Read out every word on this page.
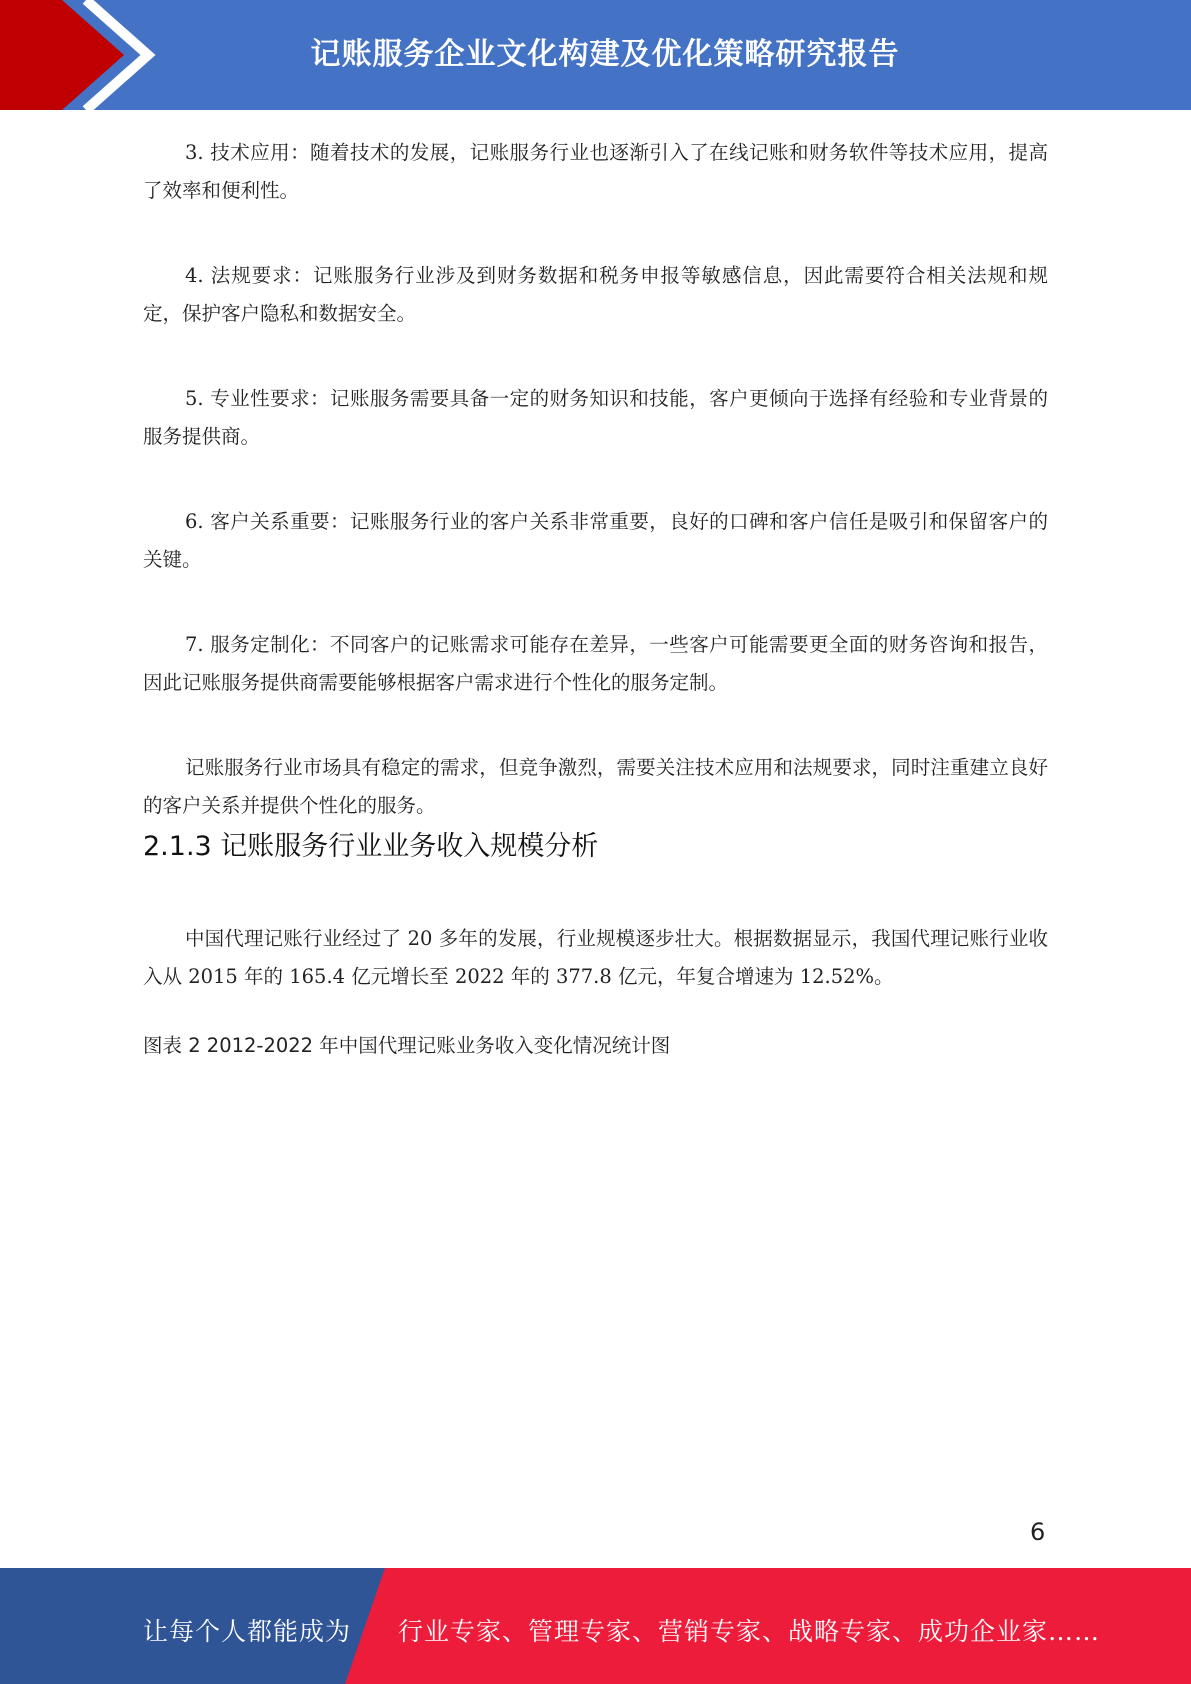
记账服务企业文化构建及优化策略研究报告

3. 技术应用：随着技术的发展，记账服务行业也逐渐引入了在线记账和财务软件等技术应用，提高了效率和便利性。

4. 法规要求：记账服务行业涉及到财务数据和税务申报等敏感信息，因此需要符合相关法规和规定，保护客户隐私和数据安全。

5. 专业性要求：记账服务需要具备一定的财务知识和技能，客户更倾向于选择有经验和专业背景的服务提供商。

6. 客户关系重要：记账服务行业的客户关系非常重要，良好的口碑和客户信任是吸引和保留客户的关键。

7. 服务定制化：不同客户的记账需求可能存在差异，一些客户可能需要更全面的财务咨询和报告，因此记账服务提供商需要能够根据客户需求进行个性化的服务定制。

记账服务行业市场具有稳定的需求，但竞争激烈，需要关注技术应用和法规要求，同时注重建立良好的客户关系并提供个性化的服务。

2.1.3 记账服务行业业务收入规模分析

中国代理记账行业经过了 20 多年的发展，行业规模逐步壮大。根据数据显示，我国代理记账行业收入从 2015 年的 165.4 亿元增长至 2022 年的 377.8 亿元，年复合增速为 12.52%。

图表 2 2012-2022 年中国代理记账业务收入变化情况统计图

6
让每个人都能成为 行业专家、管理专家、营销专家、战略专家、成功企业家……
